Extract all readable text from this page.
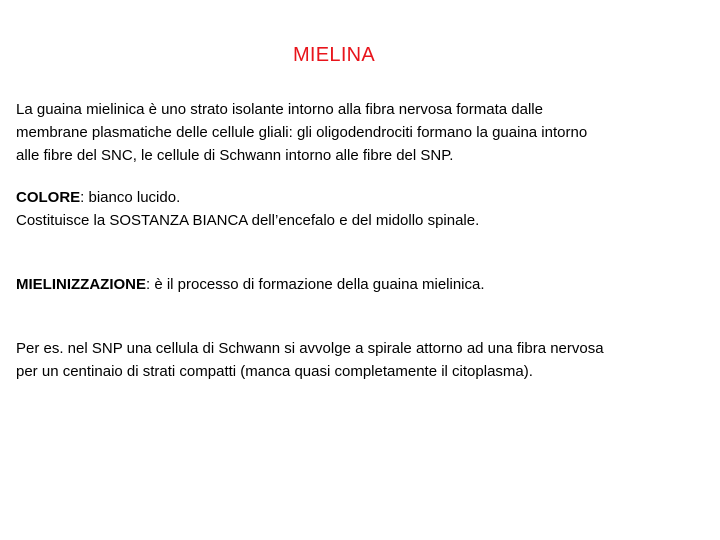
MIELINA

La guaina mielinica è uno strato isolante intorno alla fibra nervosa formata dalle
membrane plasmatiche delle cellule gliali: gli oligodendrociti formano la guaina intorno
alle fibre del SNC, le cellule di Schwann intorno alle fibre del SNP.

COLORE: bianco lucido.
Costituisce la SOSTANZA BIANCA dell’encefalo e del midollo spinale.

MIELINIZZAZIONE: è il processo di formazione della guaina mielinica.

Per es. nel SNP una cellula di Schwann si avvolge a spirale attorno ad una fibra nervosa
per un centinaio di strati compatti (manca quasi completamente il citoplasma).
